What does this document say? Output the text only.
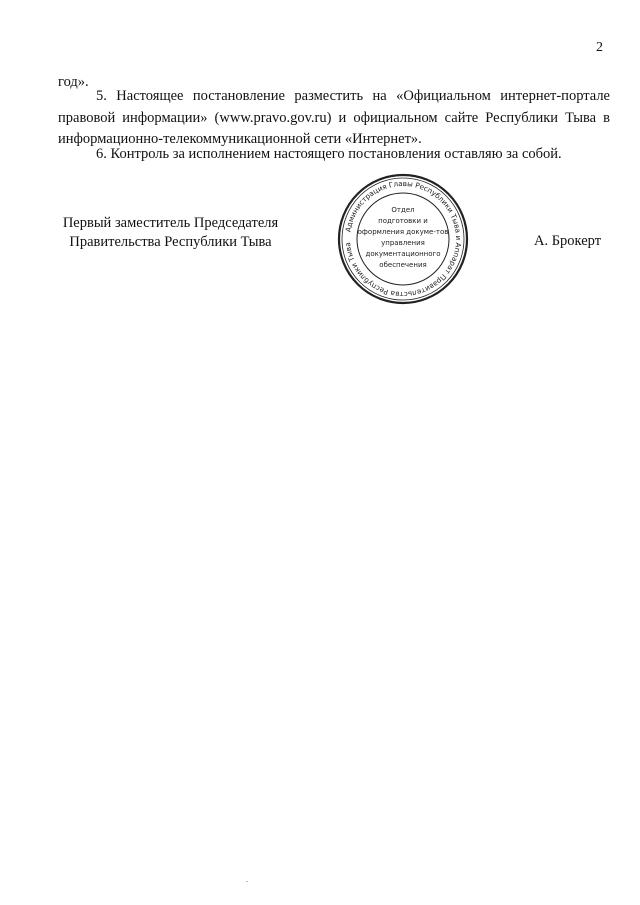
2

год».

5. Настоящее постановление разместить на «Официальном интернет-портале правовой информации» (www.pravo.gov.ru) и официальном сайте Республики Тыва в информационно-телекоммуникационной сети «Интернет».

6. Контроль за исполнением настоящего постановления оставляю за собой.

Первый заместитель Председателя
Правительства Республики Тыва	А. Брокерт
Администрация Главы Республики Тыва и Аппарат Правительства Республики Тыва
Отдел
подготовки и
оформления докуме-тов
управления
документационного
обеспечения
